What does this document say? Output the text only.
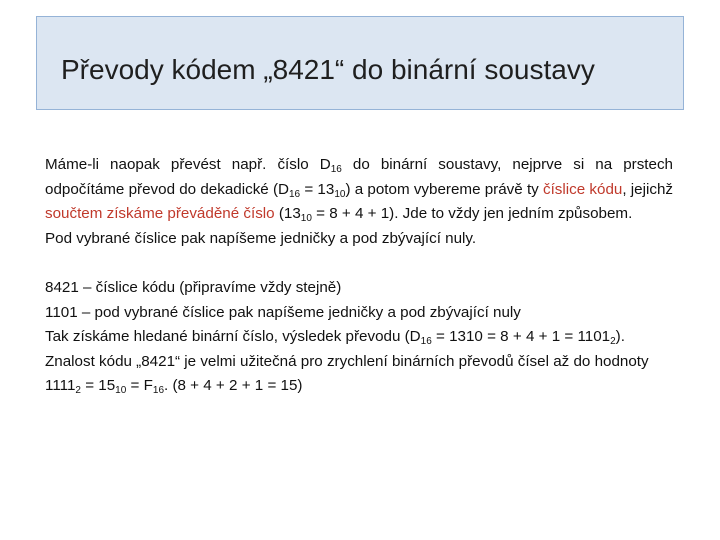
Převody kódem „8421“ do binární soustavy

Máme-li naopak převést např. číslo $D_{16}$ do binární soustavy, nejprve si na prstech odpočítáme převod do dekadické $(D_{16} = 13_{10})$ a potom vybereme právě ty číslice kódu, jejichž součtem získáme převáděné číslo $(13_{10} = 8 + 4 + 1)$. Jde to vždy jen jedním způsobem.

Pod vybrané číslice pak napíšeme jedničky a pod zbývající nuly.

8421 – číslice kódu (připravíme vždy stejně)

1101 – pod vybrané číslice pak napíšeme jedničky a pod zbývající nuly

Tak získáme hledané binární číslo, výsledek převodu $(D_{16} = 1310 = 8 + 4 + 1 = 1101_2)$.

Znalost kódu „8421“ je velmi užitečná pro zrychlení binárních převodů čísel až do hodnoty $1111_2 = 15_{10} = F_{16}$. (8 + 4 + 2 + 1 = 15)
